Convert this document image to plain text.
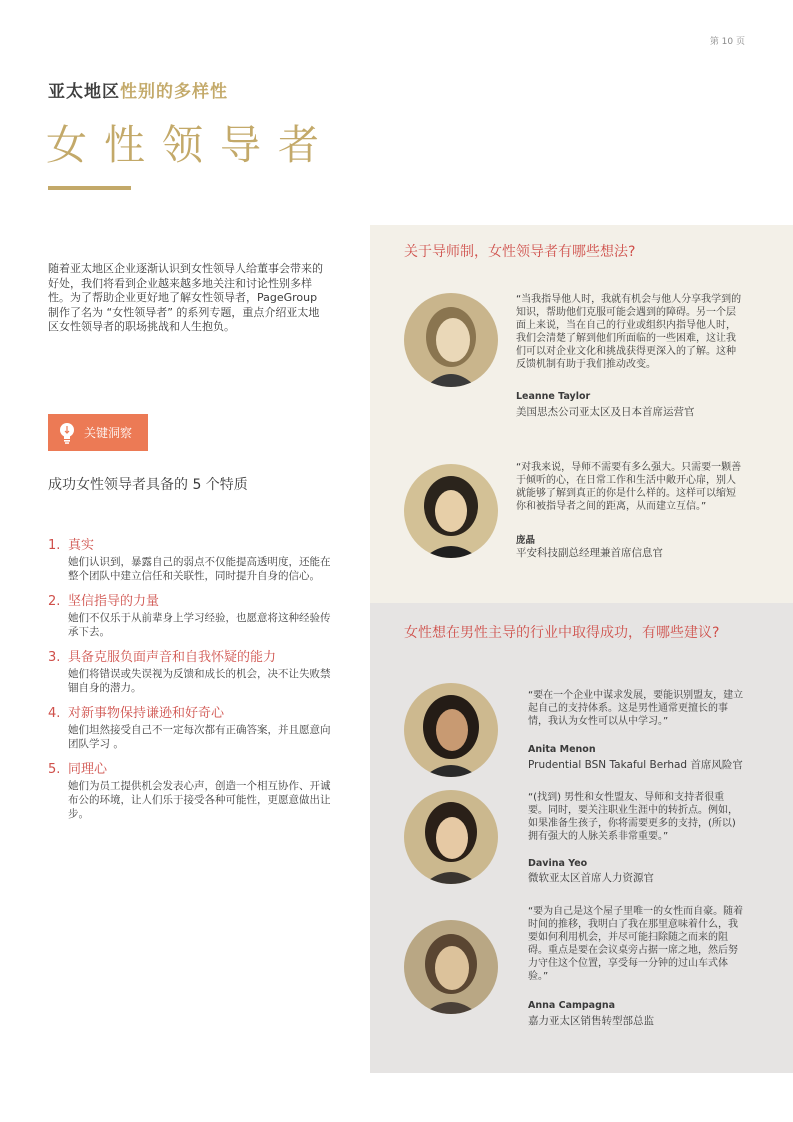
第 10 页
亚太地区性别的多样性
女性领导者
随着亚太地区企业逐渐认识到女性领导人给董事会带来的好处，我们将看到企业越来越多地关注和讨论性别多样性。为了帮助企业更好地了解女性领导者，PageGroup 制作了名为 “女性领导者” 的系列专题，重点介绍亚太地区女性领导者的职场挑战和人生抱负。
关键洞察
成功女性领导者具备的 5 个特质
1. 真实
她们认识到，暴露自己的弱点不仅能提高透明度，还能在整个团队中建立信任和关联性，同时提升自身的信心。
2. 坚信指导的力量
她们不仅乐于从前辈身上学习经验，也愿意将这种经验传承下去。
3. 具备克服负面声音和自我怀疑的能力
她们将错误或失误视为反馈和成长的机会，决不让失败禁锢自身的潜力。
4. 对新事物保持谦逊和好奇心
她们坦然接受自己不一定每次都有正确答案，并且愿意向团队学习 。
5. 同理心
她们为员工提供机会发表心声，创造一个相互协作、开诚布公的环境，让人们乐于接受各种可能性，更愿意做出让步。
关于导师制，女性领导者有哪些想法?
女性想在男性主导的行业中取得成功，有哪些建议?
“当我指导他人时，我就有机会与他人分享我学到的知识，帮助他们克服可能会遇到的障碍。另一个层面上来说，当在自己的行业或组织内指导他人时，我们会清楚了解到他们所面临的一些困难，这让我们可以对企业文化和挑战获得更深入的了解。这种反馈机制有助于我们推动改变。
Leanne Taylor
美国思杰公司亚太区及日本首席运营官
“对我来说，导师不需要有多么强大。只需要一颗善于倾听的心，在日常工作和生活中敞开心扉，别人就能够了解到真正的你是什么样的。这样可以缩短你和被指导者之间的距离，从而建立互信。”
庞晶
平安科技副总经理兼首席信息官
“要在一个企业中谋求发展，要能识别盟友，建立起自己的支持体系。这是男性通常更擅长的事情，我认为女性可以从中学习。”
Anita Menon
Prudential BSN Takaful Berhad 首席风险官
“(找到) 男性和女性盟友、导师和支持者很重要。同时，要关注职业生涯中的转折点。例如，如果准备生孩子，你将需要更多的支持，(所以) 拥有强大的人脉关系非常重要。”
Davina Yeo
微软亚太区首席人力资源官
“要为自己是这个屋子里唯一的女性而自豪。随着时间的推移，我明白了我在那里意味着什么，我要如何利用机会，并尽可能扫除随之而来的阻碍。重点是要在会议桌旁占据一席之地，然后努力守住这个位置，享受每一分钟的过山车式体验。”
Anna Campagna
嘉力亚太区销售转型部总监
